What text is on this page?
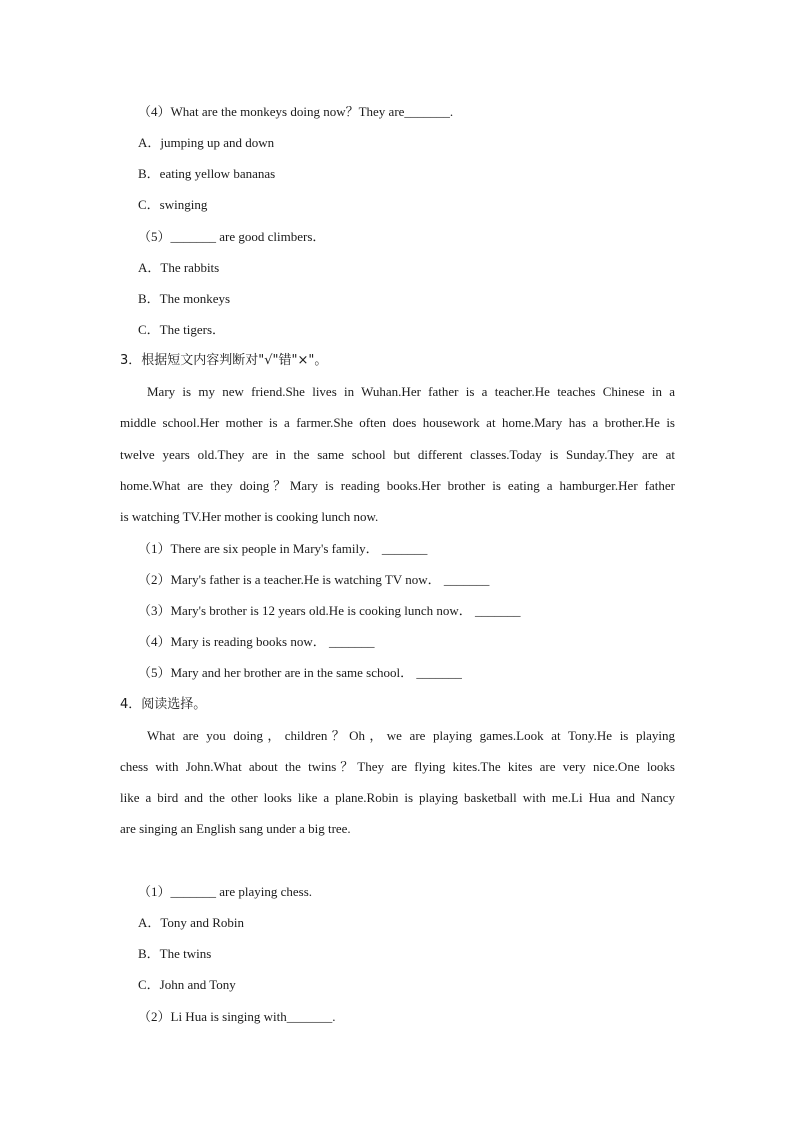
（4）What are the monkeys doing now？They are_______.
A．jumping up and down
B．eating yellow bananas
C．swinging
（5）_______ are good climbers．
A．The rabbits
B．The monkeys
C．The tigers．
3．根据短文内容判断对"√"错"×"。
Mary is my new friend.She lives in Wuhan.Her father is a teacher.He teaches Chinese in a
middle school.Her mother is a farmer.She often does housework at home.Mary has a brother.He is
twelve years old.They are in the same school but different classes.Today is Sunday.They are at
home.What are they doing？Mary is reading books.Her brother is eating a hamburger.Her father
is watching TV.Her mother is cooking lunch now.
（1）There are six people in Mary's family． _______
（2）Mary's father is a teacher.He is watching TV now． _______
（3）Mary's brother is 12 years old.He is cooking lunch now． _______
（4）Mary is reading books now． _______
（5）Mary and her brother are in the same school． _______
4．阅读选择。
What are you doing，children？Oh，we are playing games.Look at Tony.He is playing
chess with John.What about the twins？They are flying kites.The kites are very nice.One looks
like a bird and the other looks like a plane.Robin is playing basketball with me.Li Hua and Nancy
are singing an English sang under a big tree.
（1）_______ are playing chess.
A．Tony and Robin
B．The twins
C．John and Tony
（2）Li Hua is singing with_______.
